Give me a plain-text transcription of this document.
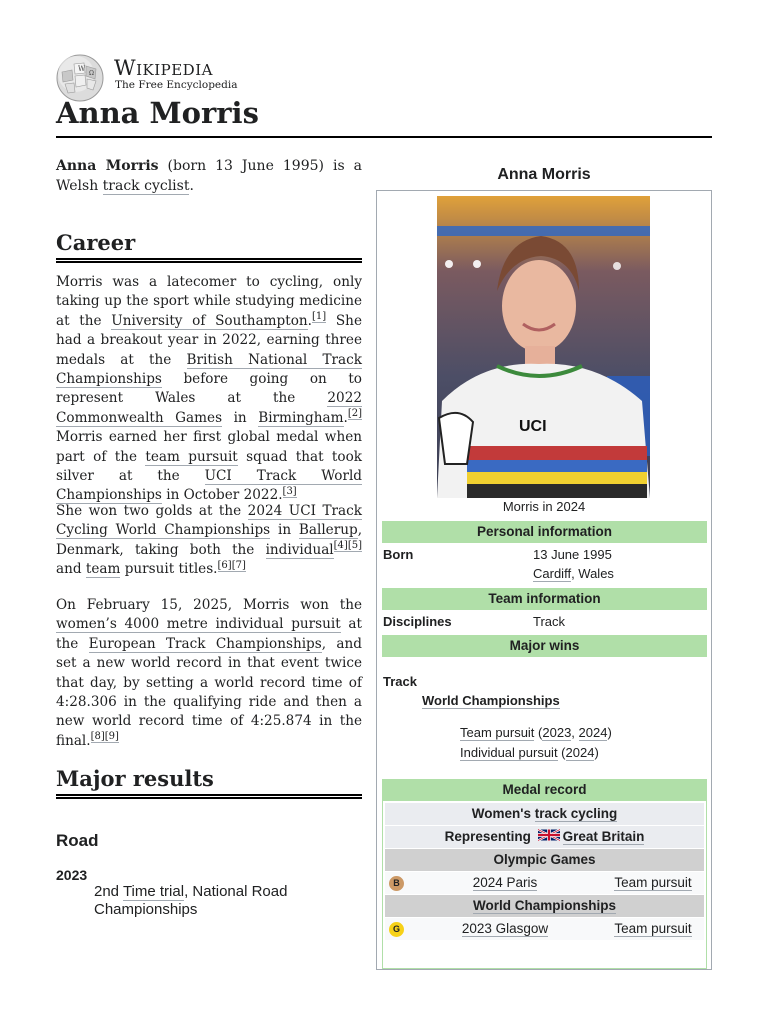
W
Ω Wikipedia
The Free Encyclopedia
Anna Morris

Anna Morris (born 13 June 1995) is a Welsh track cyclist.

Career

Morris was a latecomer to cycling, only taking up the sport while studying medicine at the University of Southampton.[1] She had a breakout year in 2022, earning three medals at the British National Track Championships before going on to represent Wales at the 2022 Commonwealth Games in Birmingham.[2] Morris earned her first global medal when part of the team pursuit squad that took silver at the UCI Track World Championships in October 2022.[3]

She won two golds at the 2024 UCI Track Cycling World Championships in Ballerup, Denmark, taking both the individual[4][5] and team pursuit titles.[6][7]

On February 15, 2025, Morris won the women’s 4000 metre individual pursuit at the European Track Championships, and set a new world record in that event twice that day, by setting a world record time of 4:28.306 in the qualifying ride and then a new world record time of 4:25.874 in the final.[8][9]

Major results
Road
2023
2nd Time trial, National Road Championships
Anna Morris
UCI
Morris in 2024
Personal information
Born	13 June 1995
Cardiff, Wales
Team information
Disciplines	Track
Major wins
Track
World Championships
Team pursuit (2023, 2024)
Individual pursuit (2024)
Medal record
Women's track cycling
Representing Great Britain
Olympic Games
B	2024 Paris	Team pursuit
World Championships
G	2023 Glasgow	Team pursuit
